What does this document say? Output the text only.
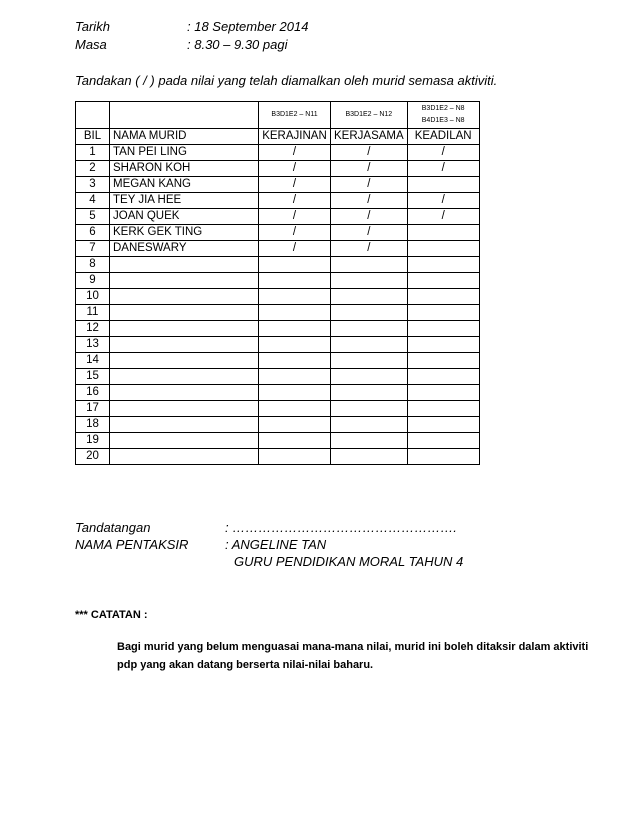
Tarikh	: 18 September 2014
Masa	: 8.30 – 9.30 pagi
Tandakan ( / ) pada nilai yang telah diamalkan oleh murid semasa aktiviti.
		B3D1E2 – N11	B3D1E2 – N12	B3D1E2 – N8
B4D1E3 – N8

BIL	NAMA MURID	KERAJINAN	KERJASAMA	KEADILAN
1	TAN PEI LING	/	/	/
2	SHARON KOH	/	/	/
3	MEGAN KANG	/	/	
4	TEY JIA HEE	/	/	/
5	JOAN QUEK	/	/	/
6	KERK GEK TING	/	/	
7	DANESWARY	/	/	
8				
9				
10				
11				
12				
13				
14				
15				
16				
17				
18				
19				
20				
Tandatangan	: …………………………………………….
NAMA PENTAKSIR	: ANGELINE TAN
GURU PENDIDIKAN MORAL TAHUN 4
*** CATATAN :
Bagi murid yang belum menguasai mana-mana nilai, murid ini boleh ditaksir dalam aktiviti
pdp yang akan datang berserta nilai-nilai baharu.
